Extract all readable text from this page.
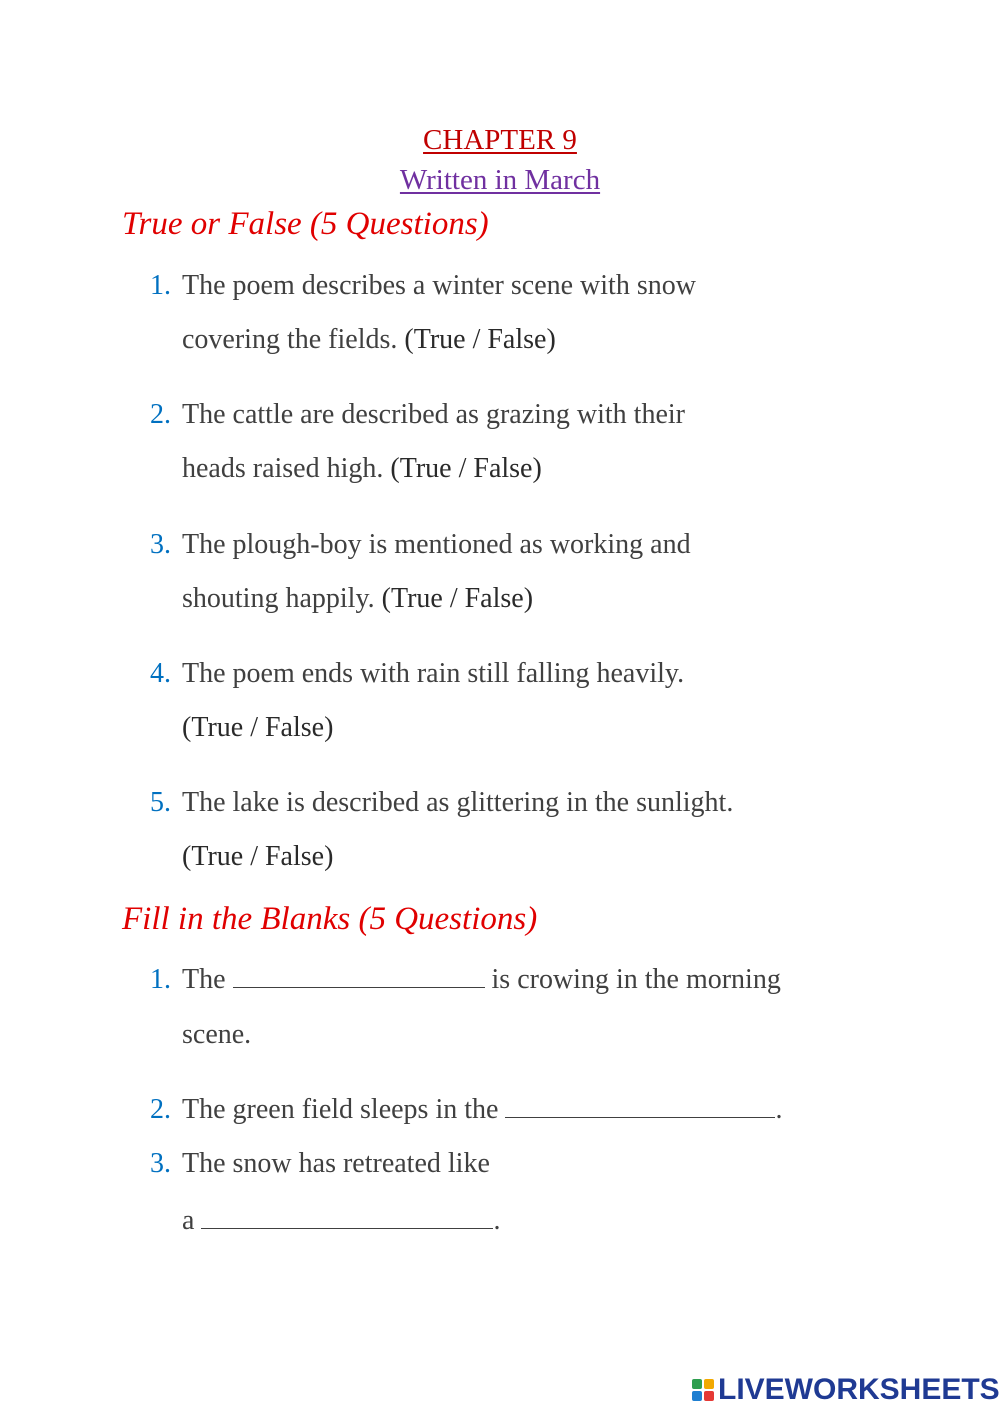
CHAPTER 9
Written in March
True or False (5 Questions)
1. The poem describes a winter scene with snow
covering the fields. (True / False)
2. The cattle are described as grazing with their
heads raised high. (True / False)
3. The plough-boy is mentioned as working and
shouting happily. (True / False)
4. The poem ends with rain still falling heavily.
(True / False)
5. The lake is described as glittering in the sunlight.
(True / False)
Fill in the Blanks (5 Questions)
1. The	is crowing in the morning
scene.
2. The green field sleeps in the	.
3. The snow has retreated like
a	.
LIVEWORKSHEETS
